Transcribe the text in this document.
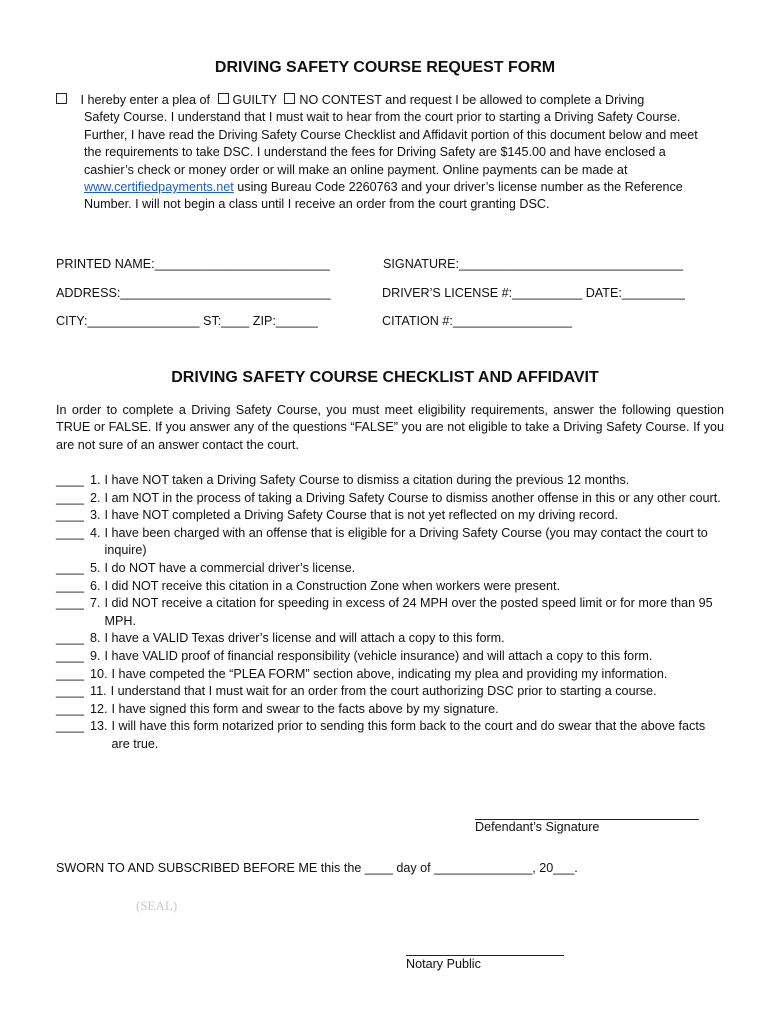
DRIVING SAFETY COURSE REQUEST FORM
I hereby enter a plea of GUILTY NO CONTEST and request I be allowed to complete a Driving
Safety Course. I understand that I must wait to hear from the court prior to starting a Driving Safety Course. Further, I have read the Driving Safety Course Checklist and Affidavit portion of this document below and meet the requirements to take DSC. I understand the fees for Driving Safety are $145.00 and have enclosed a cashier’s check or money order or will make an online payment. Online payments can be made at www.certifiedpayments.net using Bureau Code 2260763 and your driver’s license number as the Reference Number. I will not begin a class until I receive an order from the court granting DSC.
PRINTED NAME:_________________________	SIGNATURE:________________________________
ADDRESS:______________________________	DRIVER’S LICENSE #:__________ DATE:_________
CITY:________________ ST:____ ZIP:______	CITATION #:_________________
DRIVING SAFETY COURSE CHECKLIST AND AFFIDAVIT
In order to complete a Driving Safety Course, you must meet eligibility requirements, answer the following question TRUE or FALSE. If you answer any of the questions “FALSE” you are not eligible to take a Driving Safety Course. If you are not sure of an answer contact the court.
____ 1. I have NOT taken a Driving Safety Course to dismiss a citation during the previous 12 months.
____ 2. I am NOT in the process of taking a Driving Safety Course to dismiss another offense in this or any other court.
____ 3. I have NOT completed a Driving Safety Course that is not yet reflected on my driving record.
____ 4. I have been charged with an offense that is eligible for a Driving Safety Course (you may contact the court to inquire)
____ 5. I do NOT have a commercial driver’s license.
____ 6. I did NOT receive this citation in a Construction Zone when workers were present.
____ 7. I did NOT receive a citation for speeding in excess of 24 MPH over the posted speed limit or for more than 95 MPH.
____ 8. I have a VALID Texas driver’s license and will attach a copy to this form.
____ 9. I have VALID proof of financial responsibility (vehicle insurance) and will attach a copy to this form.
____ 10. I have competed the “PLEA FORM” section above, indicating my plea and providing my information.
____ 11. I understand that I must wait for an order from the court authorizing DSC prior to starting a course.
____ 12. I have signed this form and swear to the facts above by my signature.
____ 13. I will have this form notarized prior to sending this form back to the court and do swear that the above facts are true.
Defendant’s Signature
SWORN TO AND SUBSCRIBED BEFORE ME this the ____ day of ______________, 20___.
(SEAL)
Notary Public
